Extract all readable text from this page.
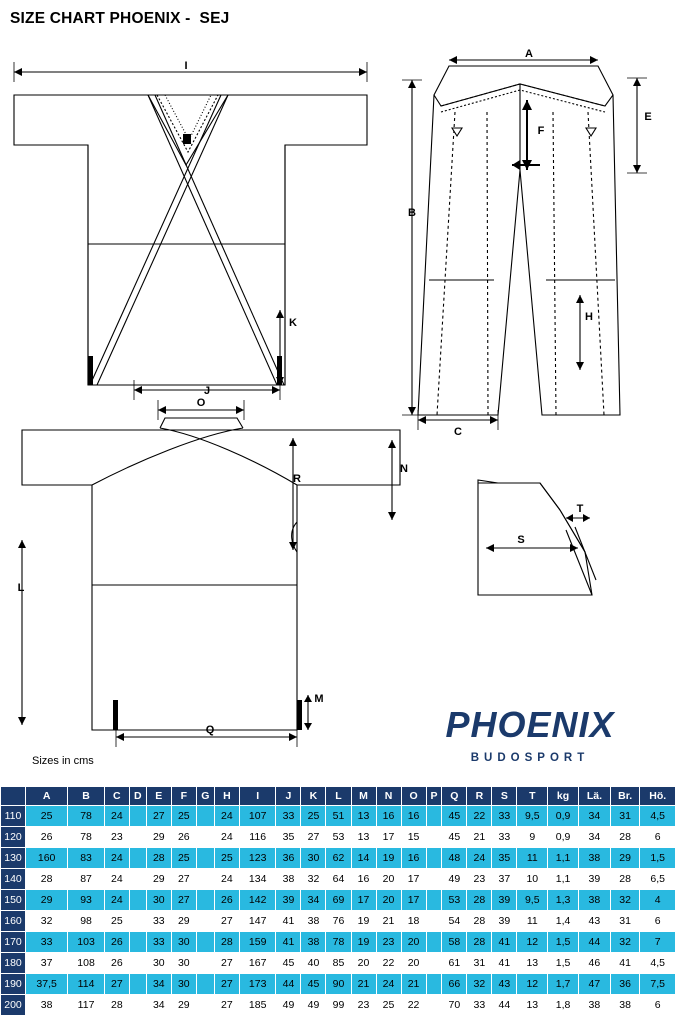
SIZE CHART PHOENIX -  SEJ
I
K
J
A
E
F
B
H
C
O
N
R
L
M
Q
S
T
Sizes in cms
PHOENIX
BUDOSPORT
	A	B	C	D	E	F	G	H	I	J	K	L	M	N	O	P	Q	R	S	T	kg	Lä.	Br.	Hö.
110	25	78	24		27	25		24	107	33	25	51	13	16	16		45	22	33	9,5	0,9	34	31	4,5
120	26	78	23		29	26		24	116	35	27	53	13	17	15		45	21	33	9	0,9	34	28	6
130	160	83	24		28	25		25	123	36	30	62	14	19	16		48	24	35	11	1,1	38	29	1,5
140	28	87	24		29	27		24	134	38	32	64	16	20	17		49	23	37	10	1,1	39	28	6,5
150	29	93	24		30	27		26	142	39	34	69	17	20	17		53	28	39	9,5	1,3	38	32	4
160	32	98	25		33	29		27	147	41	38	76	19	21	18		54	28	39	11	1,4	43	31	6
170	33	103	26		33	30		28	159	41	38	78	19	23	20		58	28	41	12	1,5	44	32	7
180	37	108	26		30	30		27	167	45	40	85	20	22	20		61	31	41	13	1,5	46	41	4,5
190	37,5	114	27		34	30		27	173	44	45	90	21	24	21		66	32	43	12	1,7	47	36	7,5
200	38	117	28		34	29		27	185	49	49	99	23	25	22		70	33	44	13	1,8	38	38	6
